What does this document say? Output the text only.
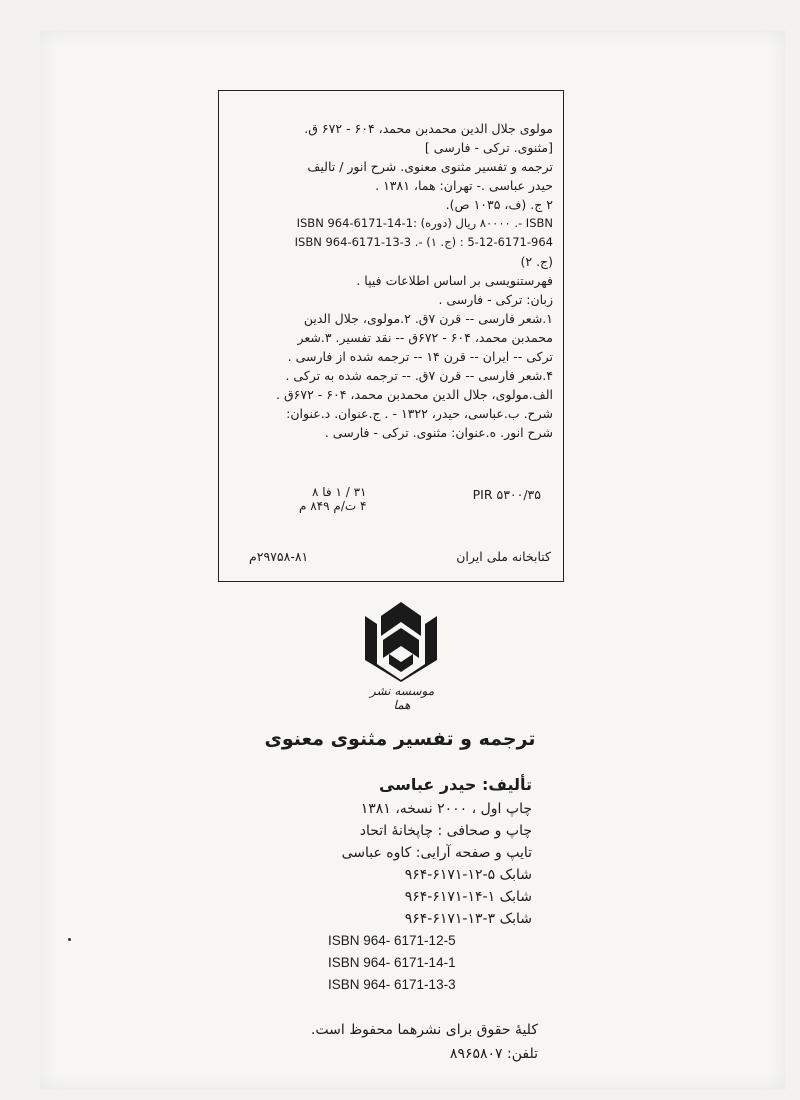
مولوی جلال الدین محمدبن محمد، ۶۰۴ - ۶۷۲ ق.
[مثنوی. ترکی - فارسی ]
ترجمه و تفسیر مثنوی معنوی. شرح انور / تالیف
حیدر عباسی .- تهران: هما، ۱۳۸۱ .
۲ ج. (ف، ۱۰۳۵ ص).
ISBN 964-6171-14-1: (دوره) ۸۰۰۰۰ ریال .- ISBN
ISBN 964-6171-13-3 .- (ج. ۱) : 964-6171-12-5
(ج. ۲)
فهرستنویسی بر اساس اطلاعات فیپا .
زبان: ترکی - فارسی .
۱.شعر فارسی -- قرن ۷ق. ۲.مولوی، جلال الدین
محمدبن محمد، ۶۰۴ - ۶۷۲ق -- نقد تفسیر. ۳.شعر
ترکی -- ایران -- قرن ۱۴ -- ترجمه شده از فارسی .
۴.شعر فارسی -- قرن ۷ق. -- ترجمه شده به ترکی .
الف.مولوی، جلال الدین محمدبن محمد، ۶۰۴ - ۶۷۲ق .
شرح. ب.عباسی، حیدر، ۱۳۲۲ - . ج.عنوان. د.عنوان:
شرح انور. ه.عنوان: مثنوی. ترکی - فارسی .
PIR ۵۳۰۰/۳۵
۳۱ / ۱ فا ۸
۴ ت/م ۸۴۹ م
کتابخانه ملی ایران
۲۹۷۵۸-۸۱م
موسسه نشر هما
ترجمه و تفسیر مثنوی معنوی
تألیف: حیدر عباسی
چاپ اول ، ۲۰۰۰ نسخه، ۱۳۸۱
چاپ و صحافی : چاپخانهٔ اتحاد
تایپ و صفحه آرایی: کاوه عباسی
شابک ۵-۱۲-۶۱۷۱-۹۶۴
شابک ۱-۱۴-۶۱۷۱-۹۶۴
شابک ۳-۱۳-۶۱۷۱-۹۶۴
ISBN 964- 6171-12-5
ISBN 964- 6171-14-1
ISBN 964- 6171-13-3
کلیهٔ حقوق برای نشرهما محفوظ است.
تلفن: ۸۹۶۵۸۰۷
